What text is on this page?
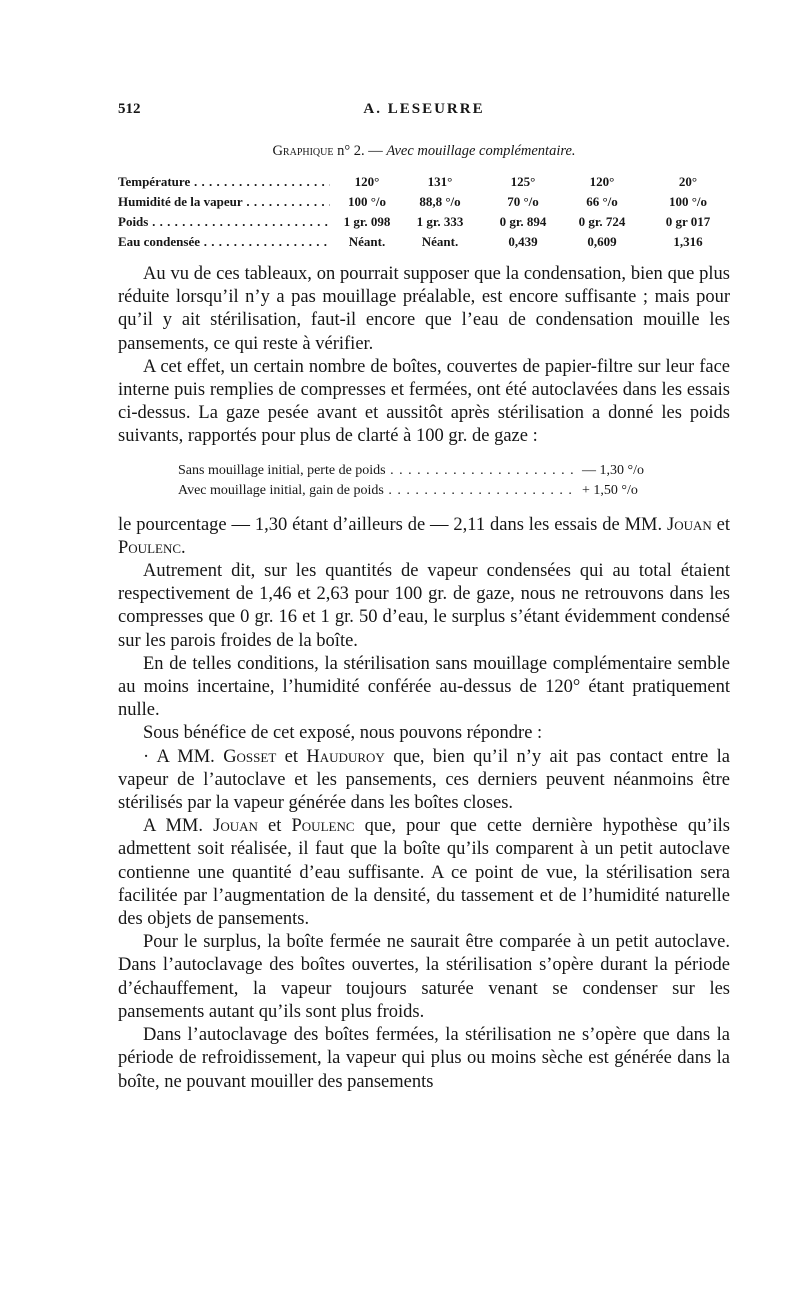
512	A. LESEURRE
Graphique n° 2. — Avec mouillage complémentaire.
Température . . .	120°	131°	125°	120°	20°
Humidité de la vapeur . . .	100 °/o	88,8 °/o	70 °/o	66 °/o	100 °/o
Poids . . .	1 gr. 098	1 gr. 333	0 gr. 894	0 gr. 724	0 gr 017
Eau condensée . . .	Néant.	Néant.	0,439	0,609	1,316

Au vu de ces tableaux, on pourrait supposer que la condensation, bien que plus réduite lorsqu’il n’y a pas mouillage préalable, est encore suffisante ; mais pour qu’il y ait stérilisation, faut-il encore que l’eau de condensation mouille les pansements, ce qui reste à vérifier.

A cet effet, un certain nombre de boîtes, couvertes de papier-filtre sur leur face interne puis remplies de compresses et fermées, ont été autoclavées dans les essais ci-dessus. La gaze pesée avant et aussitôt après stérilisation a donné les poids suivants, rapportés pour plus de clarté à 100 gr. de gaze :

Sans mouillage initial, perte de poids . . .	— 1,30 °/o
Avec mouillage initial, gain de poids . . .	+ 1,50 °/o

le pourcentage — 1,30 étant d’ailleurs de — 2,11 dans les essais de MM. Jouan et Poulenc.

Autrement dit, sur les quantités de vapeur condensées qui au total étaient respectivement de 1,46 et 2,63 pour 100 gr. de gaze, nous ne retrouvons dans les compresses que 0 gr. 16 et 1 gr. 50 d’eau, le surplus s’étant évidemment condensé sur les parois froides de la boîte.

En de telles conditions, la stérilisation sans mouillage complémentaire semble au moins incertaine, l’humidité conférée au-dessus de 120° étant pratiquement nulle.

Sous bénéfice de cet exposé, nous pouvons répondre :

· A MM. Gosset et Hauduroy que, bien qu’il n’y ait pas contact entre la vapeur de l’autoclave et les pansements, ces derniers peuvent néanmoins être stérilisés par la vapeur générée dans les boîtes closes.

A MM. Jouan et Poulenc que, pour que cette dernière hypothèse qu’ils admettent soit réalisée, il faut que la boîte qu’ils comparent à un petit autoclave contienne une quantité d’eau suffisante. A ce point de vue, la stérilisation sera facilitée par l’augmentation de la densité, du tassement et de l’humidité naturelle des objets de pansements.

Pour le surplus, la boîte fermée ne saurait être comparée à un petit autoclave. Dans l’autoclavage des boîtes ouvertes, la stérilisation s’opère durant la période d’échauffement, la vapeur toujours saturée venant se condenser sur les pansements autant qu’ils sont plus froids.

Dans l’autoclavage des boîtes fermées, la stérilisation ne s’opère que dans la période de refroidissement, la vapeur qui plus ou moins sèche est générée dans la boîte, ne pouvant mouiller des pansements
